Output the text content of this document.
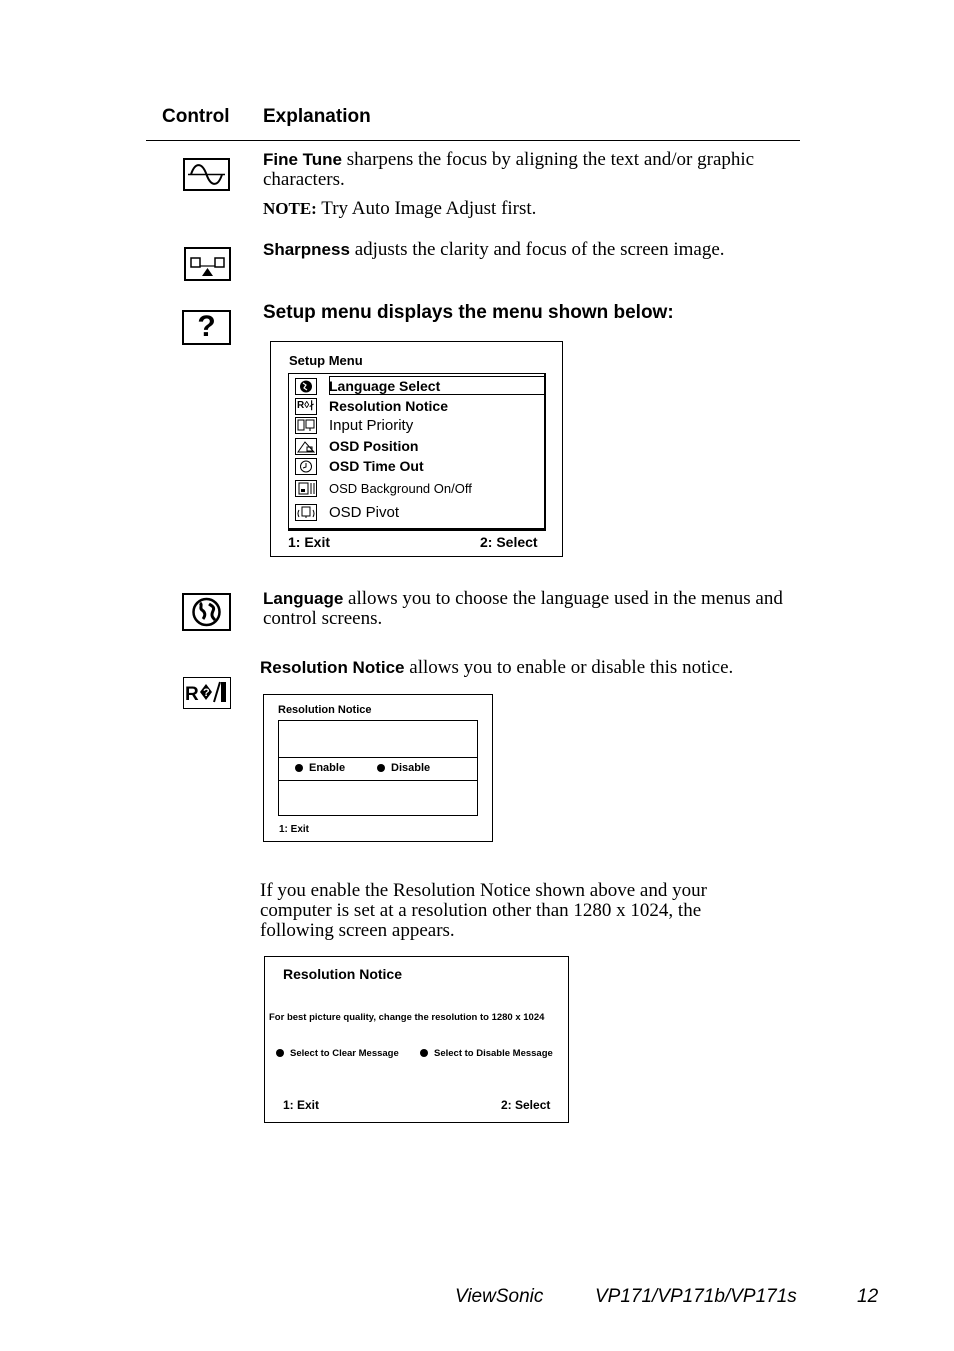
Control Explanation
Fine Tune sharpens the focus by aligning the text and/or graphic characters.
NOTE: Try Auto Image Adjust first.
Sharpness adjusts the clarity and focus of the screen image.
?	Setup menu displays the menu shown below:
Setup Menu
Language Select
R◊∤ Resolution Notice
Input Priority
OSD Position
OSD Time Out
OSD Background On/Off
OSD Pivot
1: Exit	2: Select
Language allows you to choose the language used in the menus and control screens.
Resolution Notice allows you to enable or disable this notice.
R ?
Resolution Notice
Enable	Disable
1: Exit
If you enable the Resolution Notice shown above and your computer is set at a resolution other than 1280 x 1024, the following screen appears.
Resolution Notice
For best picture quality, change the resolution to 1280 x 1024
Select to Clear Message	Select to Disable Message
1: Exit	2: Select
ViewSonic	VP171/VP171b/VP171s	12
